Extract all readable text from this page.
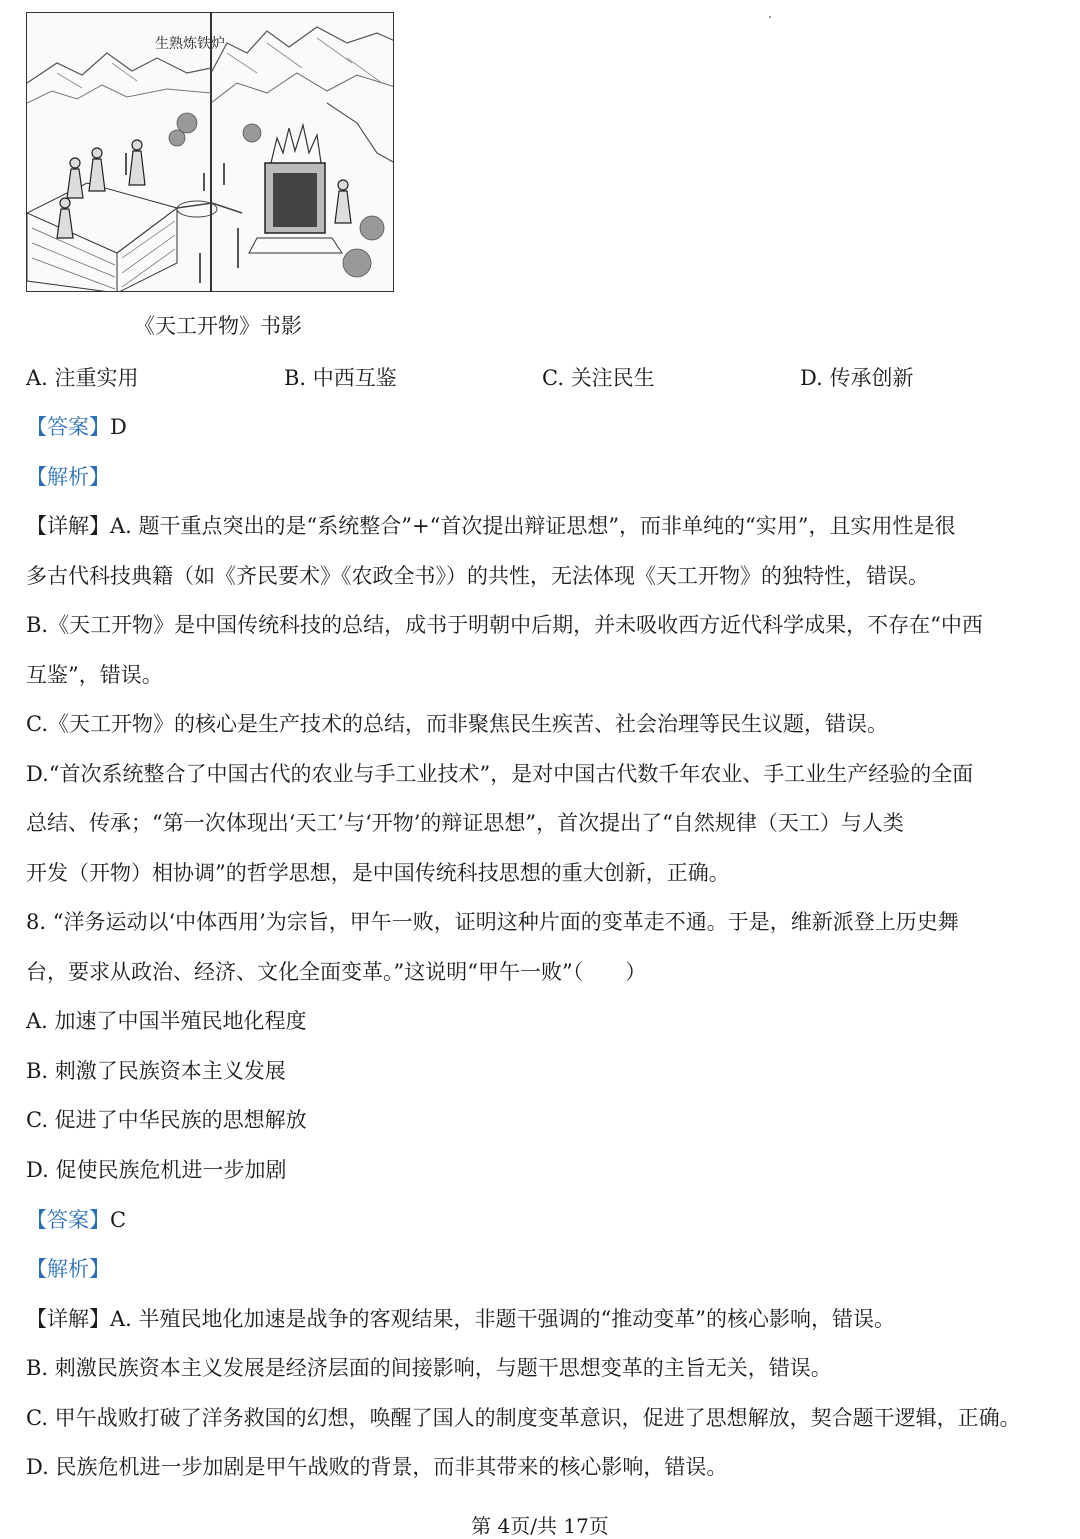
生熟炼铁炉
《天工开物》书影
A. 注重实用	B. 中西互鉴	C. 关注民生	D. 传承创新
【答案】D
【解析】
【详解】A. 题干重点突出的是“系统整合”+“首次提出辩证思想”，而非单纯的“实用”，且实用性是很
多古代科技典籍（如《齐民要术》《农政全书》）的共性，无法体现《天工开物》的独特性，错误。
B.《天工开物》是中国传统科技的总结，成书于明朝中后期，并未吸收西方近代科学成果，不存在“中西
互鉴”，错误。
C.《天工开物》的核心是生产技术的总结，而非聚焦民生疾苦、社会治理等民生议题，错误。
D.“首次系统整合了中国古代的农业与手工业技术”，是对中国古代数千年农业、手工业生产经验的全面
总结、传承；“第一次体现出‘天工’与‘开物’的辩证思想”，首次提出了“自然规律（天工）与人类
开发（开物）相协调”的哲学思想，是中国传统科技思想的重大创新，正确。
8. “洋务运动以‘中体西用’为宗旨，甲午一败，证明这种片面的变革走不通。于是，维新派登上历史舞
台，要求从政治、经济、文化全面变革。”这说明“甲午一败”（　　）
A. 加速了中国半殖民地化程度
B. 刺激了民族资本主义发展
C. 促进了中华民族的思想解放
D. 促使民族危机进一步加剧
【答案】C
【解析】
【详解】A. 半殖民地化加速是战争的客观结果，非题干强调的“推动变革”的核心影响，错误。
B. 刺激民族资本主义发展是经济层面的间接影响，与题干思想变革的主旨无关，错误。
C. 甲午战败打破了洋务救国的幻想，唤醒了国人的制度变革意识，促进了思想解放，契合题干逻辑，正确。
D. 民族危机进一步加剧是甲午战败的背景，而非其带来的核心影响，错误。
第 4页/共 17页
